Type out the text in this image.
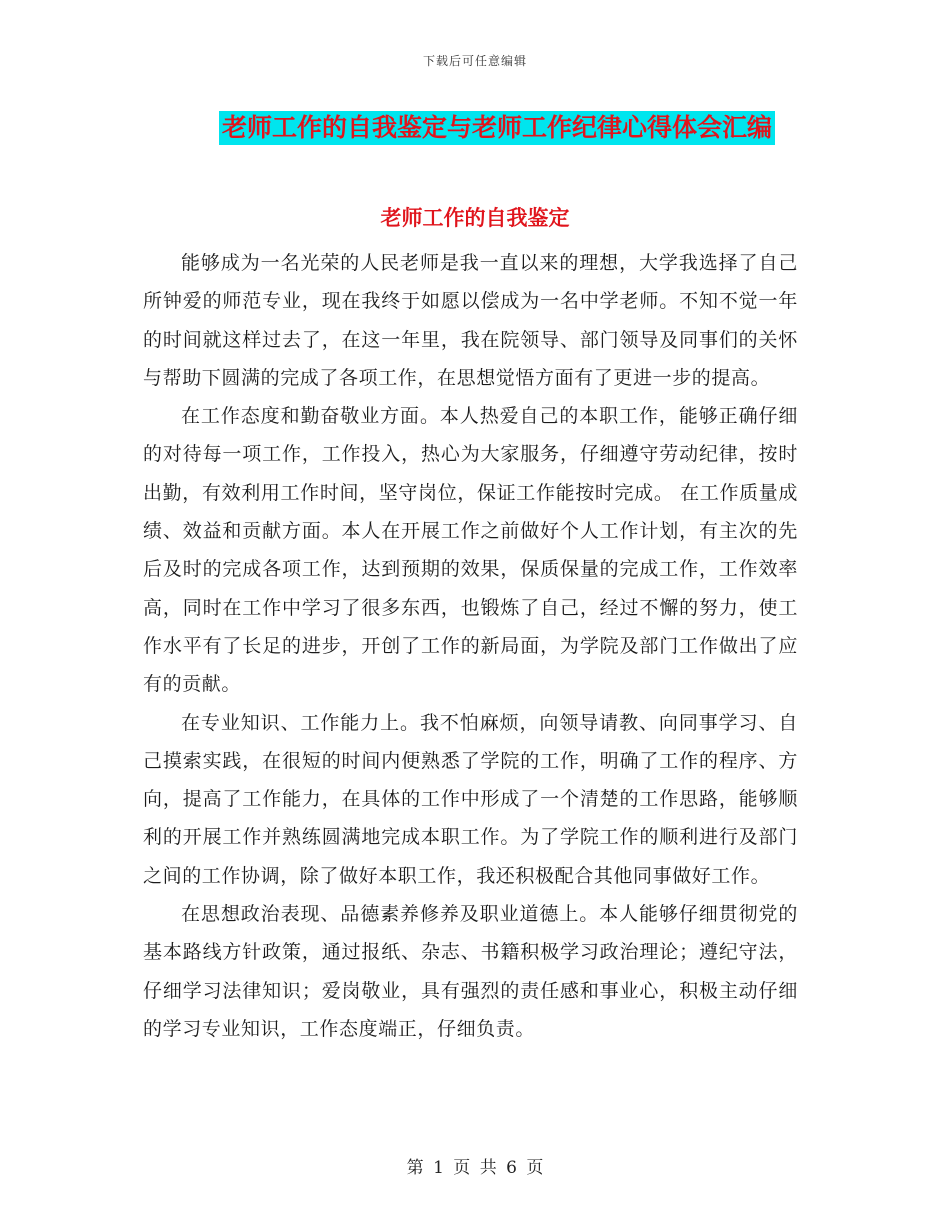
下载后可任意编辑
老师工作的自我鉴定与老师工作纪律心得体会汇编
老师工作的自我鉴定

能够成为一名光荣的人民老师是我一直以来的理想，大学我选择了自己所钟爱的师范专业，现在我终于如愿以偿成为一名中学老师。不知不觉一年的时间就这样过去了，在这一年里，我在院领导、部门领导及同事们的关怀与帮助下圆满的完成了各项工作，在思想觉悟方面有了更进一步的提高。

在工作态度和勤奋敬业方面。本人热爱自己的本职工作，能够正确仔细的对待每一项工作，工作投入，热心为大家服务，仔细遵守劳动纪律，按时出勤，有效利用工作时间，坚守岗位，保证工作能按时完成。 在工作质量成绩、效益和贡献方面。本人在开展工作之前做好个人工作计划，有主次的先后及时的完成各项工作，达到预期的效果，保质保量的完成工作，工作效率高，同时在工作中学习了很多东西，也锻炼了自己，经过不懈的努力，使工作水平有了长足的进步，开创了工作的新局面，为学院及部门工作做出了应有的贡献。

在专业知识、工作能力上。我不怕麻烦，向领导请教、向同事学习、自己摸索实践，在很短的时间内便熟悉了学院的工作，明确了工作的程序、方向，提高了工作能力，在具体的工作中形成了一个清楚的工作思路，能够顺利的开展工作并熟练圆满地完成本职工作。为了学院工作的顺利进行及部门之间的工作协调，除了做好本职工作，我还积极配合其他同事做好工作。

在思想政治表现、品德素养修养及职业道德上。本人能够仔细贯彻党的基本路线方针政策，通过报纸、杂志、书籍积极学习政治理论；遵纪守法，仔细学习法律知识；爱岗敬业，具有强烈的责任感和事业心，积极主动仔细的学习专业知识，工作态度端正，仔细负责。

第 1 页 共 6 页
